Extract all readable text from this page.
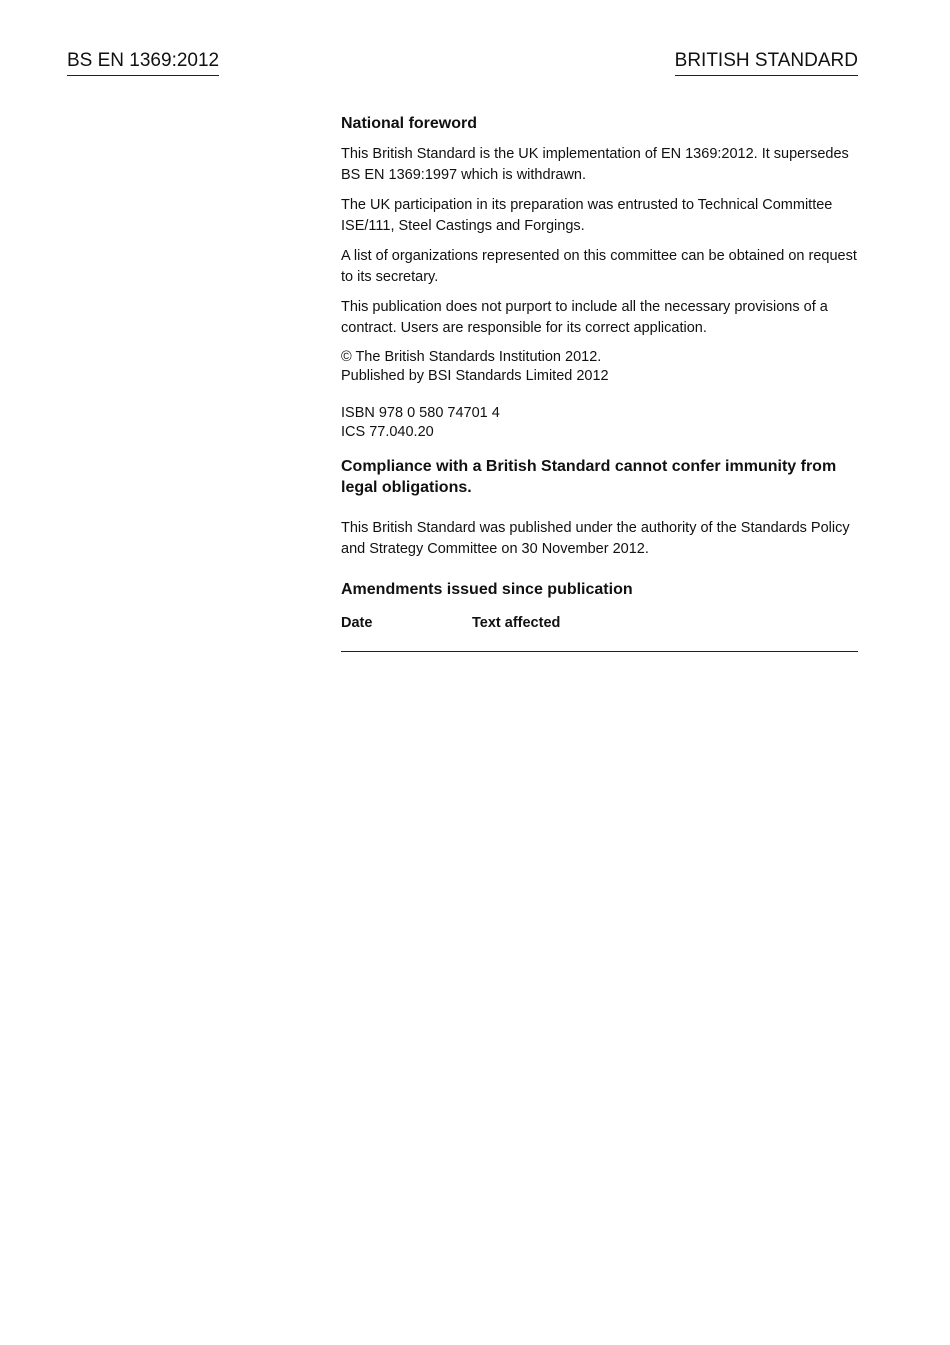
BS EN 1369:2012	BRITISH STANDARD
National foreword

This British Standard is the UK implementation of EN 1369:2012. It supersedes BS EN 1369:1997 which is withdrawn.

The UK participation in its preparation was entrusted to Technical Committee ISE/111, Steel Castings and Forgings.

A list of organizations represented on this committee can be obtained on request to its secretary.

This publication does not purport to include all the necessary provisions of a contract. Users are responsible for its correct application.

© The British Standards Institution 2012.
Published by BSI Standards Limited 2012
ISBN 978 0 580 74701 4
ICS 77.040.20

Compliance with a British Standard cannot confer immunity from legal obligations.

This British Standard was published under the authority of the Standards Policy and Strategy Committee on 30 November 2012.

Amendments issued since publication
Date	Text affected
